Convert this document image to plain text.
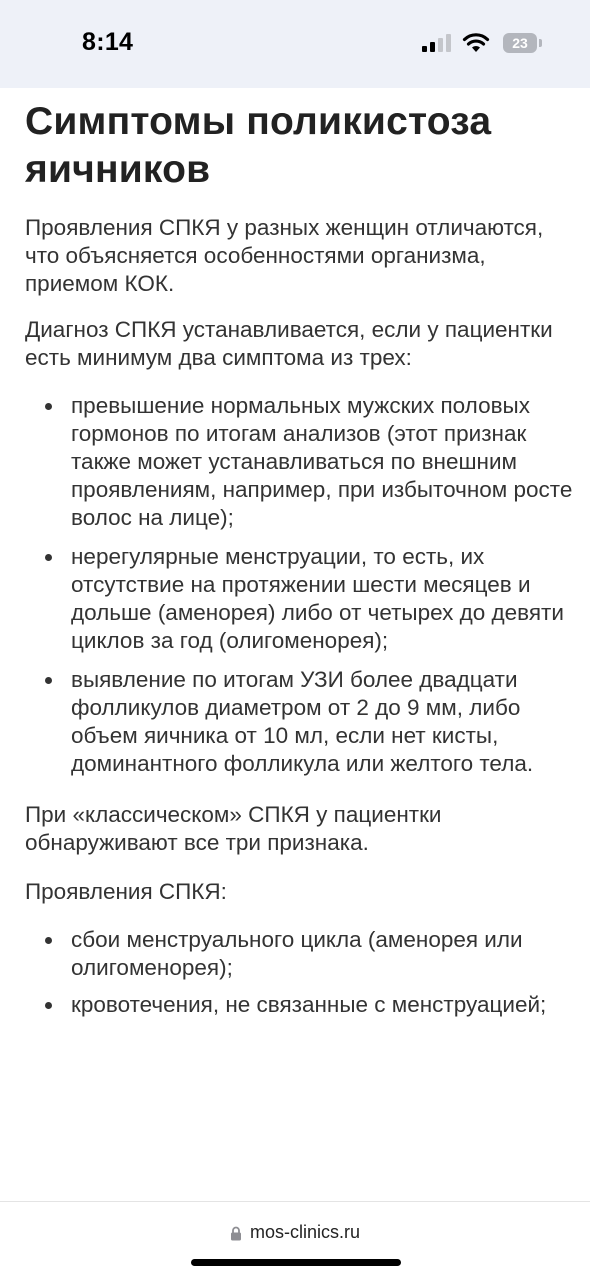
8:14	23
Симптомы поликистоза яичников

Проявления СПКЯ у разных женщин отличаются, что объясняется особенностями организма, приемом КОК.

Диагноз СПКЯ устанавливается, если у пациентки есть минимум два симптома из трех:

превышение нормальных мужских половых гормонов по итогам анализов (этот признак также может устанавливаться по внешним проявлениям, например, при избыточном росте волос на лице);
нерегулярные менструации, то есть, их отсутствие на протяжении шести месяцев и дольше (аменорея) либо от четырех до девяти циклов за год (олигоменорея);
выявление по итогам УЗИ более двадцати фолликулов диаметром от 2 до 9 мм, либо объем яичника от 10 мл, если нет кисты, доминантного фолликула или желтого тела.

При «классическом» СПКЯ у пациентки обнаруживают все три признака.

Проявления СПКЯ:

сбои менструального цикла (аменорея или олигоменорея);
кровотечения, не связанные с менструацией;
mos-clinics.ru
